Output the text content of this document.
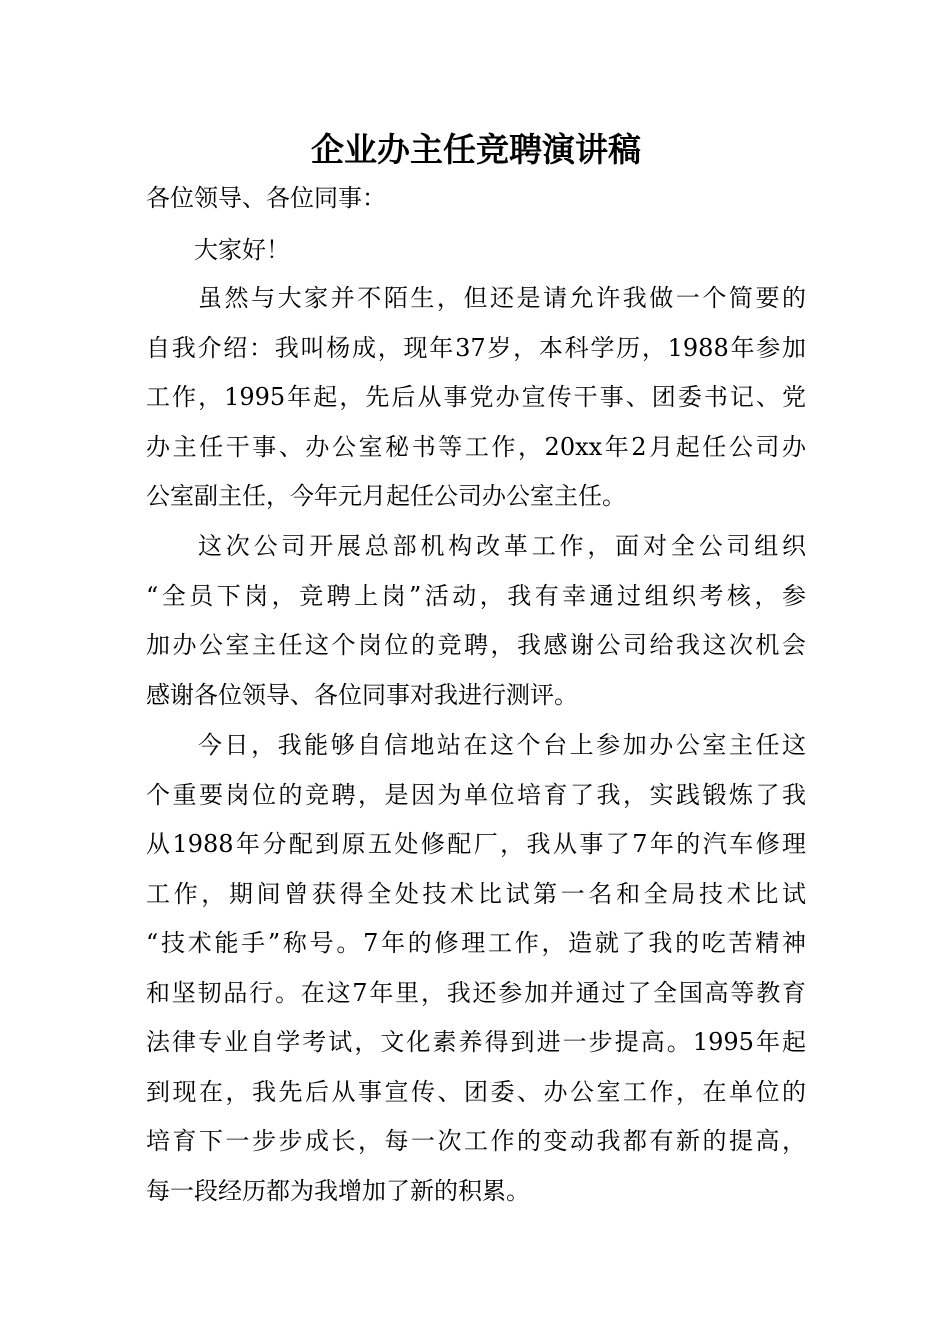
企业办主任竞聘演讲稿
各位领导、各位同事：
大家好！
虽然与大家并不陌生，但还是请允许我做一个简要的
自我介绍：我叫杨成，现年37岁，本科学历，1988年参加
工作，1995年起，先后从事党办宣传干事、团委书记、党
办主任干事、办公室秘书等工作，20xx年2月起任公司办
公室副主任，今年元月起任公司办公室主任。
这次公司开展总部机构改革工作，面对全公司组织
“全员下岗，竞聘上岗”活动，我有幸通过组织考核，参
加办公室主任这个岗位的竞聘，我感谢公司给我这次机会
感谢各位领导、各位同事对我进行测评。
今日，我能够自信地站在这个台上参加办公室主任这
个重要岗位的竞聘，是因为单位培育了我，实践锻炼了我
从1988年分配到原五处修配厂，我从事了7年的汽车修理
工作，期间曾获得全处技术比试第一名和全局技术比试
“技术能手”称号。7年的修理工作，造就了我的吃苦精神
和坚韧品行。在这7年里，我还参加并通过了全国高等教育
法律专业自学考试，文化素养得到进一步提高。1995年起
到现在，我先后从事宣传、团委、办公室工作，在单位的
培育下一步步成长，每一次工作的变动我都有新的提高，
每一段经历都为我增加了新的积累。
